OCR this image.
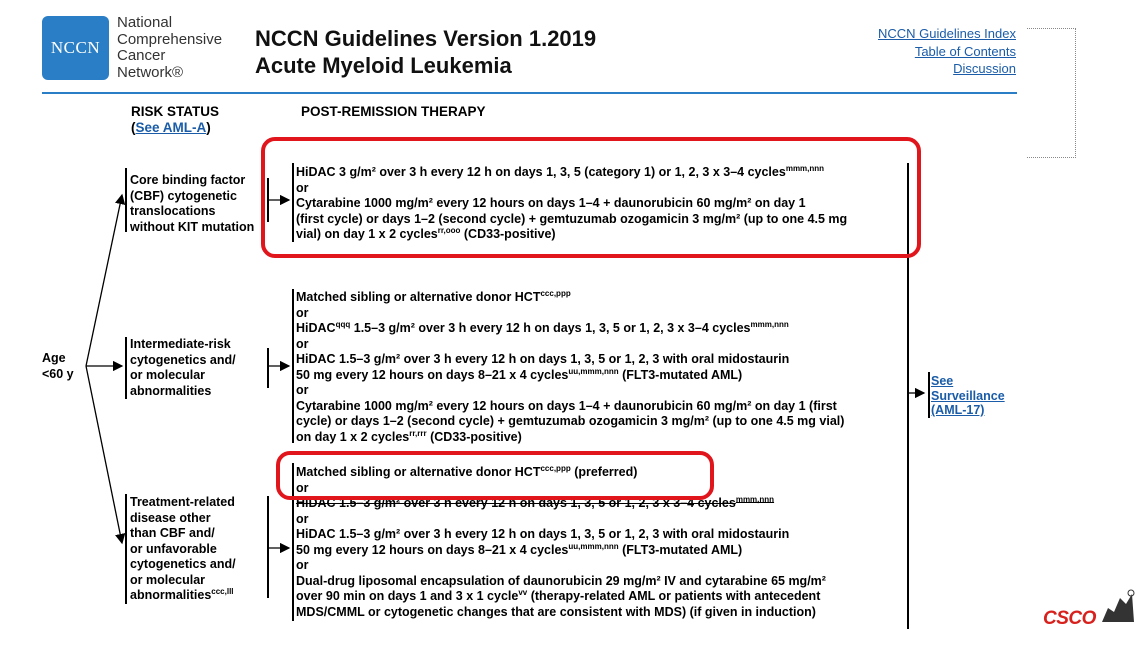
NCCN
National
Comprehensive
Cancer
Network®
NCCN Guidelines Version 1.2019
Acute Myeloid Leukemia
NCCN Guidelines Index
Table of Contents
Discussion
RISK STATUS
(See AML-A)
POST-REMISSION THERAPY
Age
<60 y
Core binding factor
(CBF) cytogenetic
translocations
without KIT mutation
HiDAC 3 g/m² over 3 h every 12 h on days 1, 3, 5 (category 1) or 1, 2, 3 x 3–4 cycles$^{mmm,nnn}$
or
Cytarabine 1000 mg/m² every 12 hours on days 1–4 + daunorubicin 60 mg/m² on day 1
(first cycle) or days 1–2 (second cycle) + gemtuzumab ozogamicin 3 mg/m² (up to one 4.5 mg
vial) on day 1 x 2 cycles$^{rr,ooo}$ (CD33-positive)
Intermediate-risk
cytogenetics and/
or molecular
abnormalities
Matched sibling or alternative donor $HCT^{ccc,ppp}$
or
HiDAC$^{qqq}$ 1.5–3 g/m² over 3 h every 12 h on days 1, 3, 5 or 1, 2, 3 x 3–4 cycles$^{mmm,nnn}$
or
HiDAC 1.5–3 g/m² over 3 h every 12 h on days 1, 3, 5 or 1, 2, 3 with oral midostaurin
50 mg every 12 hours on days 8–21 x 4 cycles$^{uu,mmm,nnn}$ (FLT3-mutated AML)
or
Cytarabine 1000 mg/m² every 12 hours on days 1–4 + daunorubicin 60 mg/m² on day 1 (first
cycle) or days 1–2 (second cycle) + gemtuzumab ozogamicin 3 mg/m² (up to one 4.5 mg vial)
on day 1 x 2 cycles$^{rr,rrr}$ (CD33-positive)
See
Surveillance
(AML-17)
Treatment-related
disease other
than CBF and/
or unfavorable
cytogenetics and/
or molecular
abnormalities$^{ccc,lll}$
Matched sibling or alternative donor $HCT^{ccc,ppp}$ (preferred)
or
HiDAC 1.5–3 g/m² over 3 h every 12 h on days 1, 3, 5 or 1, 2, 3 x 3–4 cycles$^{mmm,nnn}$
or
HiDAC 1.5–3 g/m² over 3 h every 12 h on days 1, 3, 5 or 1, 2, 3 with oral midostaurin
50 mg every 12 hours on days 8–21 x 4 cycles$^{uu,mmm,nnn}$ (FLT3-mutated AML)
or
Dual-drug liposomal encapsulation of daunorubicin 29 mg/m² IV and cytarabine 65 mg/m²
over 90 min on days 1 and 3 x 1 cycle$^{vv}$ (therapy-related AML or patients with antecedent
MDS/CMML or cytogenetic changes that are consistent with MDS) (if given in induction)	CSCO
